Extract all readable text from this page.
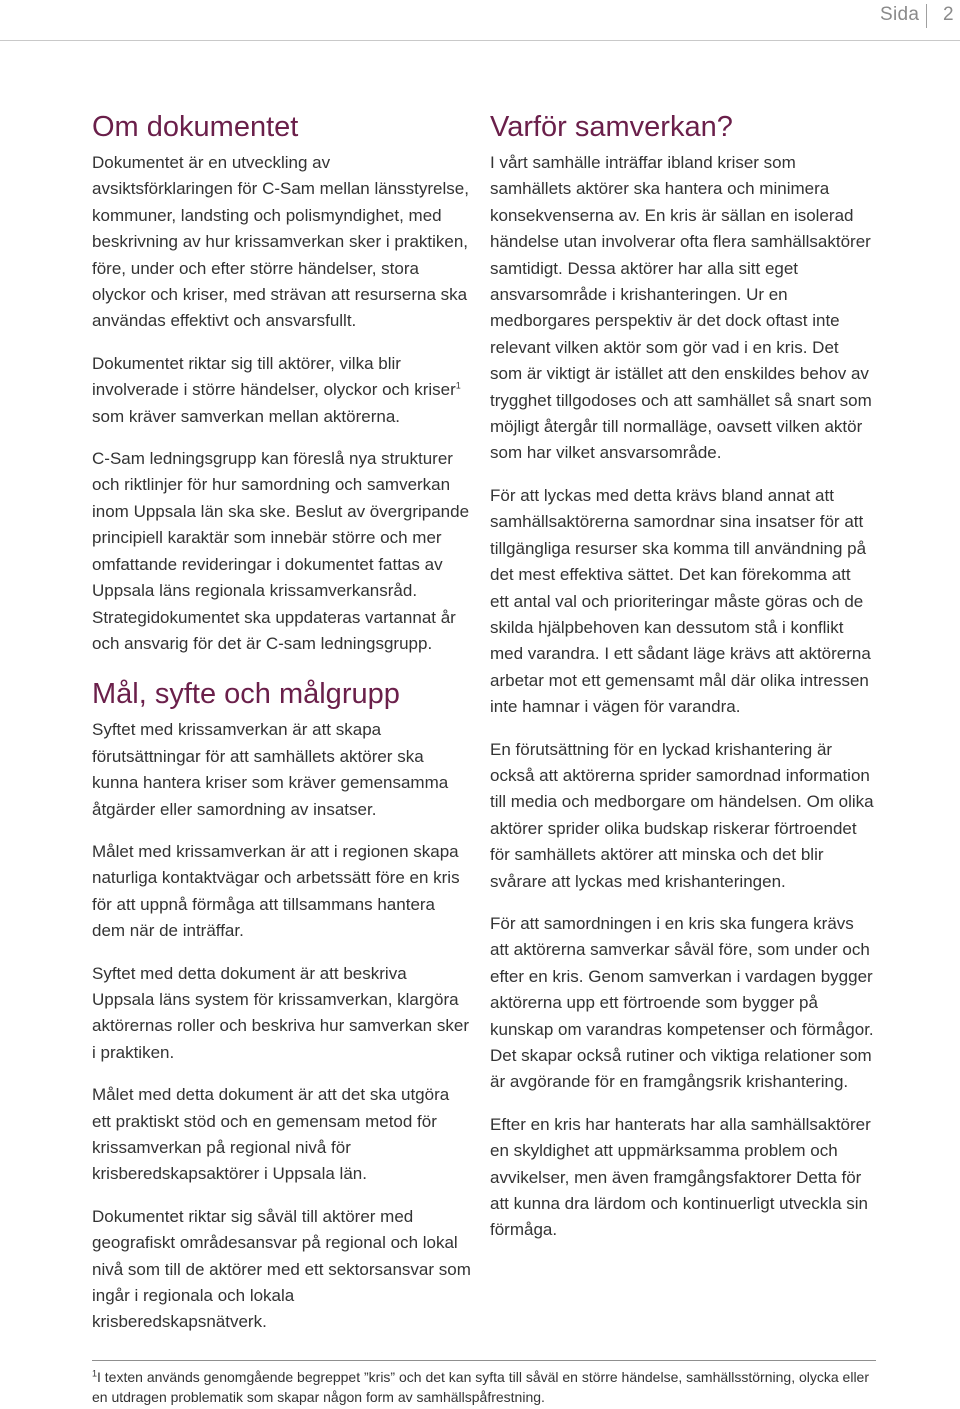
Sida 2
Om dokumentet

Dokumentet är en utveckling av avsiktsförklaringen för C-Sam mellan länsstyrelse, kommuner, landsting och polismyndighet, med beskrivning av hur krissamverkan sker i praktiken, före, under och efter större händelser, stora olyckor och kriser, med strävan att resurserna ska användas effektivt och ansvarsfullt.

Dokumentet riktar sig till aktörer, vilka blir involverade i större händelser, olyckor och kriser$^1$ som kräver samverkan mellan aktörerna.

C-Sam ledningsgrupp kan föreslå nya strukturer och riktlinjer för hur samordning och samverkan inom Uppsala län ska ske. Beslut av övergripande principiell karaktär som innebär större och mer omfattande revideringar i dokumentet fattas av Uppsala läns regionala krissamverkansråd. Strategidokumentet ska uppdateras vartannat år och ansvarig för det är C-sam ledningsgrupp.

Mål, syfte och målgrupp

Syftet med krissamverkan är att skapa förutsättningar för att samhällets aktörer ska kunna hantera kriser som kräver gemensamma åtgärder eller samordning av insatser.

Målet med krissamverkan är att i regionen skapa naturliga kontaktvägar och arbetssätt före en kris för att uppnå förmåga att tillsammans hantera dem när de inträffar.

Syftet med detta dokument är att beskriva Uppsala läns system för krissamverkan, klargöra aktörernas roller och beskriva hur samverkan sker i praktiken.

Målet med detta dokument är att det ska utgöra ett praktiskt stöd och en gemensam metod för krissamverkan på regional nivå för krisberedskapsaktörer i Uppsala län.

Dokumentet riktar sig såväl till aktörer med geografiskt områdesansvar på regional och lokal nivå som till de aktörer med ett sektorsansvar som ingår i regionala och lokala krisberedskapsnätverk.

Varför samverkan?

I vårt samhälle inträffar ibland kriser som samhällets aktörer ska hantera och minimera konsekvenserna av. En kris är sällan en isolerad händelse utan involverar ofta flera samhällsaktörer samtidigt. Dessa aktörer har alla sitt eget ansvarsområde i krishanteringen. Ur en medborgares perspektiv är det dock oftast inte relevant vilken aktör som gör vad i en kris. Det som är viktigt är istället att den enskildes behov av trygghet tillgodoses och att samhället så snart som möjligt återgår till normalläge, oavsett vilken aktör som har vilket ansvarsområde.

För att lyckas med detta krävs bland annat att samhällsaktörerna samordnar sina insatser för att tillgängliga resurser ska komma till användning på det mest effektiva sättet. Det kan förekomma att ett antal val och prioriteringar måste göras och de skilda hjälpbehoven kan dessutom stå i konflikt med varandra. I ett sådant läge krävs att aktörerna arbetar mot ett gemensamt mål där olika intressen inte hamnar i vägen för varandra.

En förutsättning för en lyckad krishantering är också att aktörerna sprider samordnad information till media och medborgare om händelsen. Om olika aktörer sprider olika budskap riskerar förtroendet för samhällets aktörer att minska och det blir svårare att lyckas med krishanteringen.

För att samordningen i en kris ska fungera krävs att aktörerna samverkar såväl före, som under och efter en kris. Genom samverkan i vardagen bygger aktörerna upp ett förtroende som bygger på kunskap om varandras kompetenser och förmågor. Det skapar också rutiner och viktiga relationer som är avgörande för en framgångsrik krishantering.

Efter en kris har hanterats har alla samhällsaktörer en skyldighet att uppmärksamma problem och avvikelser, men även framgångsfaktorer Detta för att kunna dra lärdom och kontinuerligt utveckla sin förmåga.

$^1$I texten används genomgående begreppet ”kris” och det kan syfta till såväl en större händelse, samhällsstörning, olycka eller en utdragen problematik som skapar någon form av samhällspåfrestning.
